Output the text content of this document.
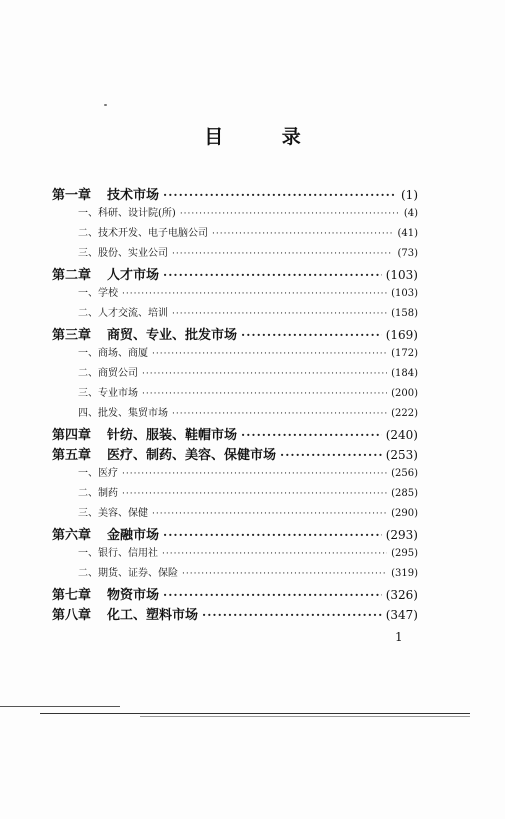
目 录
第一章 技术市场 ·····	(1)
一、科研、设计院(所) ·····	(4)
二、技术开发、电子电脑公司 ·····	(41)
三、股份、实业公司 ·····	(73)
第二章 人才市场 ·····	(103)
一、学校 ·····	(103)
二、人才交流、培训 ·····	(158)
第三章 商贸、专业、批发市场 ·····	(169)
一、商场、商厦 ·····	(172)
二、商贸公司 ·····	(184)
三、专业市场 ·····	(200)
四、批发、集贸市场 ·····	(222)
第四章 针纺、服装、鞋帽市场 ·····	(240)
第五章 医疗、制药、美容、保健市场 ·····	(253)
一、医疗 ·····	(256)
二、制药 ·····	(285)
三、美容、保健 ·····	(290)
第六章 金融市场 ·····	(293)
一、银行、信用社 ·····	(295)
二、期货、证券、保险 ·····	(319)
第七章 物资市场 ·····	(326)
第八章 化工、塑料市场 ·····	(347)
1
